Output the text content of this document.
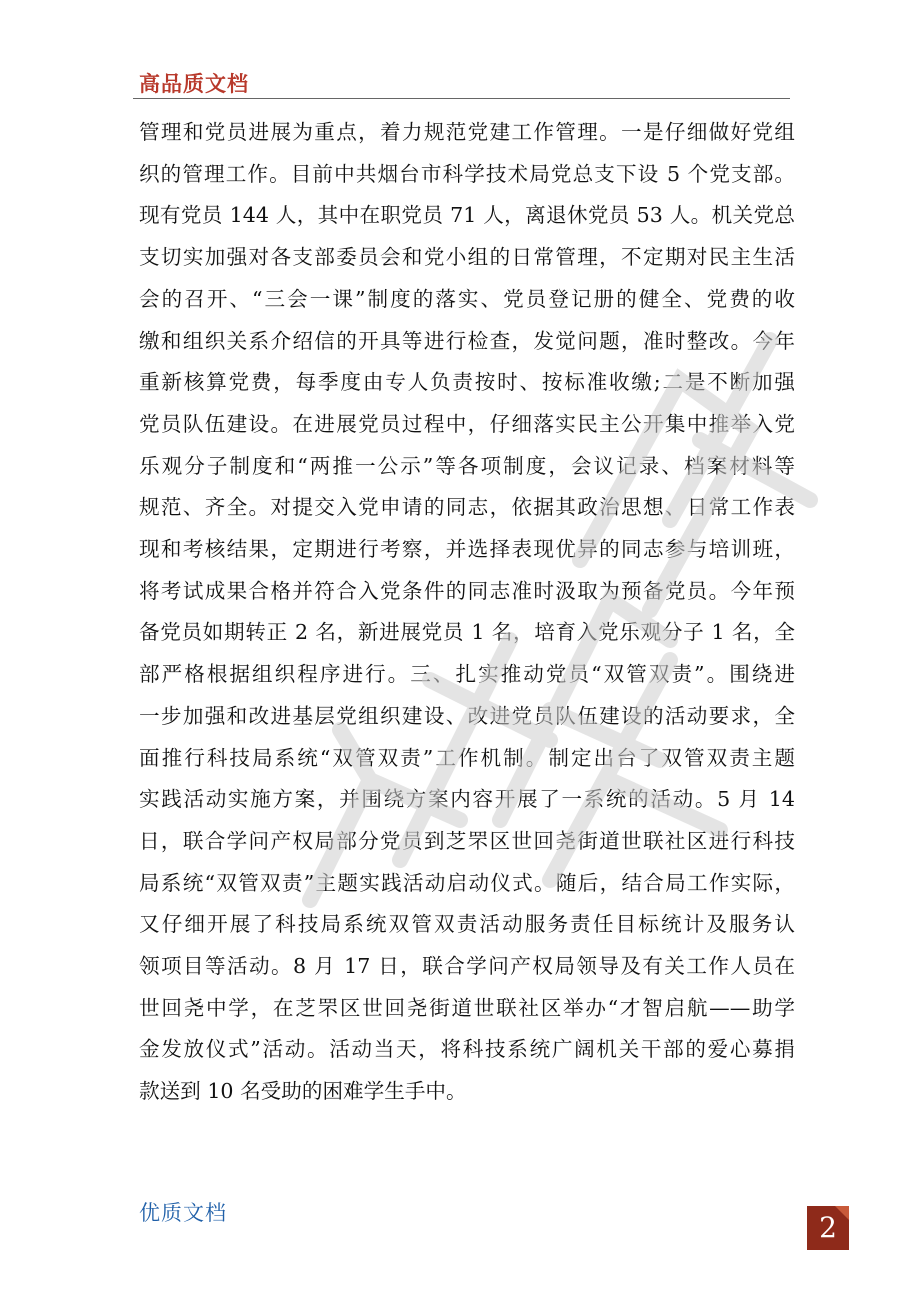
高品质文档
管理和党员进展为重点，着力规范党建工作管理。一是仔细做好党组
织的管理工作。目前中共烟台市科学技术局党总支下设 5 个党支部。
现有党员 144 人，其中在职党员 71 人，离退休党员 53 人。机关党总
支切实加强对各支部委员会和党小组的日常管理，不定期对民主生活
会的召开、“三会一课”制度的落实、党员登记册的健全、党费的收
缴和组织关系介绍信的开具等进行检查，发觉问题，准时整改。今年
重新核算党费，每季度由专人负责按时、按标准收缴;二是不断加强
党员队伍建设。在进展党员过程中，仔细落实民主公开集中推举入党
乐观分子制度和“两推一公示”等各项制度，会议记录、档案材料等
规范、齐全。对提交入党申请的同志，依据其政治思想、日常工作表
现和考核结果，定期进行考察，并选择表现优异的同志参与培训班，
将考试成果合格并符合入党条件的同志准时汲取为预备党员。今年预
备党员如期转正 2 名，新进展党员 1 名，培育入党乐观分子 1 名，全
部严格根据组织程序进行。三、扎实推动党员“双管双责”。围绕进
一步加强和改进基层党组织建设、改进党员队伍建设的活动要求，全
面推行科技局系统“双管双责”工作机制。制定出台了双管双责主题
实践活动实施方案，并围绕方案内容开展了一系统的活动。5 月 14
日，联合学问产权局部分党员到芝罘区世回尧街道世联社区进行科技
局系统“双管双责”主题实践活动启动仪式。随后，结合局工作实际，
又仔细开展了科技局系统双管双责活动服务责任目标统计及服务认
领项目等活动。8 月 17 日，联合学问产权局领导及有关工作人员在
世回尧中学，在芝罘区世回尧街道世联社区举办“才智启航——助学
金发放仪式”活动。活动当天，将科技系统广阔机关干部的爱心募捐
款送到 10 名受助的困难学生手中。
优质文档	2
